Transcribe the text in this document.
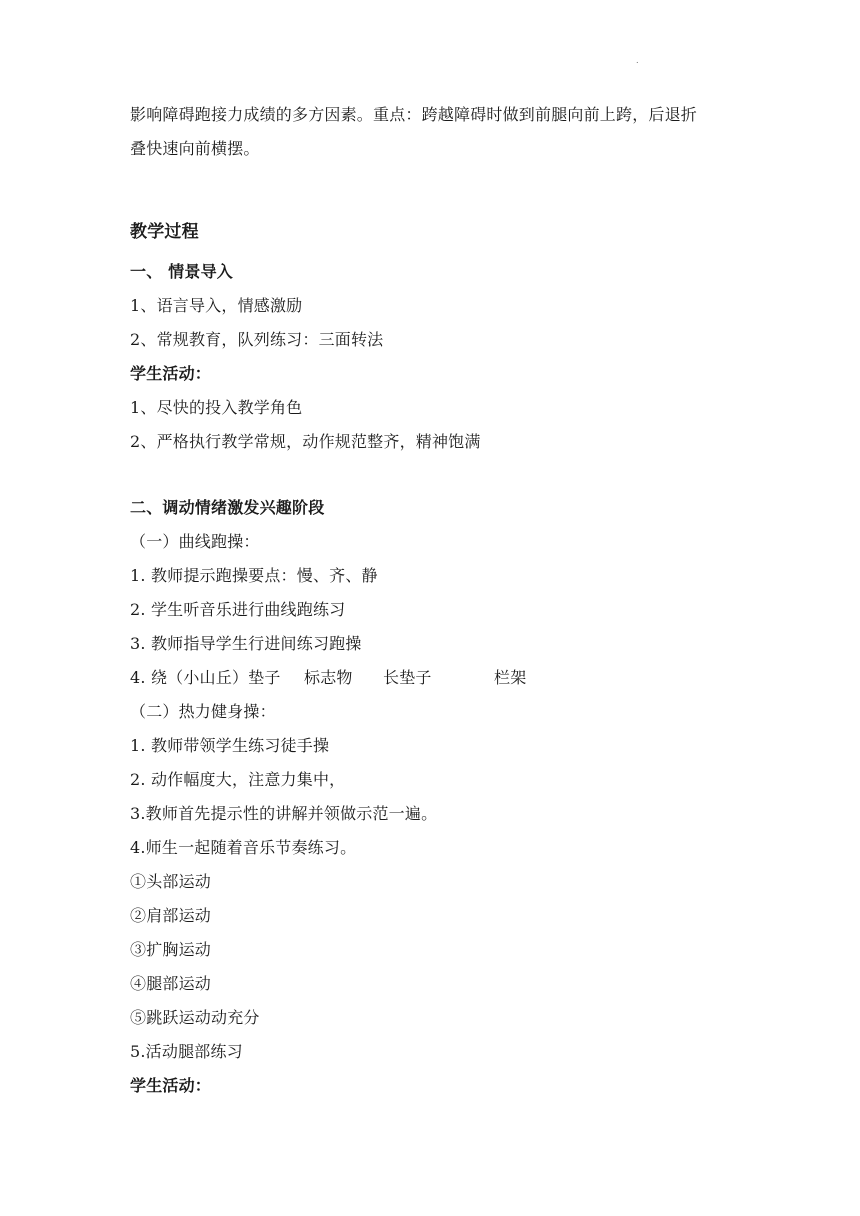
.
影响障碍跑接力成绩的多方因素。重点：跨越障碍时做到前腿向前上跨，后退折
叠快速向前横摆。
教学过程
一、 情景导入
1、语言导入，情感激励
2、常规教育，队列练习：三面转法
学生活动：
1、尽快的投入教学角色
2、严格执行教学常规，动作规范整齐，精神饱满
二、调动情绪激发兴趣阶段
（一）曲线跑操：
1. 教师提示跑操要点：慢、齐、静
2. 学生听音乐进行曲线跑练习
3. 教师指导学生行进间练习跑操
4. 绕（小山丘）垫子 标志物 长垫子	栏架
（二）热力健身操：
1. 教师带领学生练习徒手操
2. 动作幅度大，注意力集中，
3.教师首先提示性的讲解并领做示范一遍。
4.师生一起随着音乐节奏练习。
①头部运动
②肩部运动
③扩胸运动
④腿部运动
⑤跳跃运动动充分
5.活动腿部练习
学生活动：
